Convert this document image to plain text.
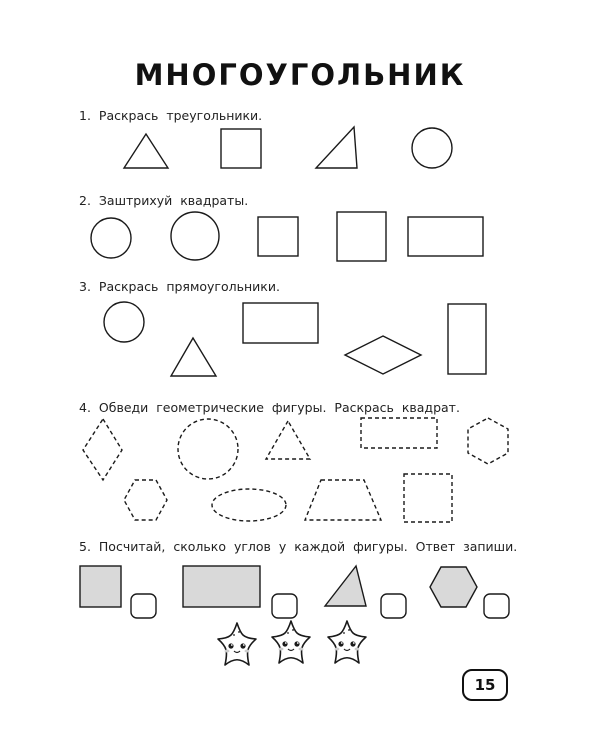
МНОГОУГОЛЬНИК
1. Раскрась треугольники.
2. Заштрихуй квадраты.
3. Раскрась прямоугольники.
4. Обведи геометрические фигуры. Раскрась квадрат.
5. Посчитай, сколько углов у каждой фигуры. Ответ запиши.
15
